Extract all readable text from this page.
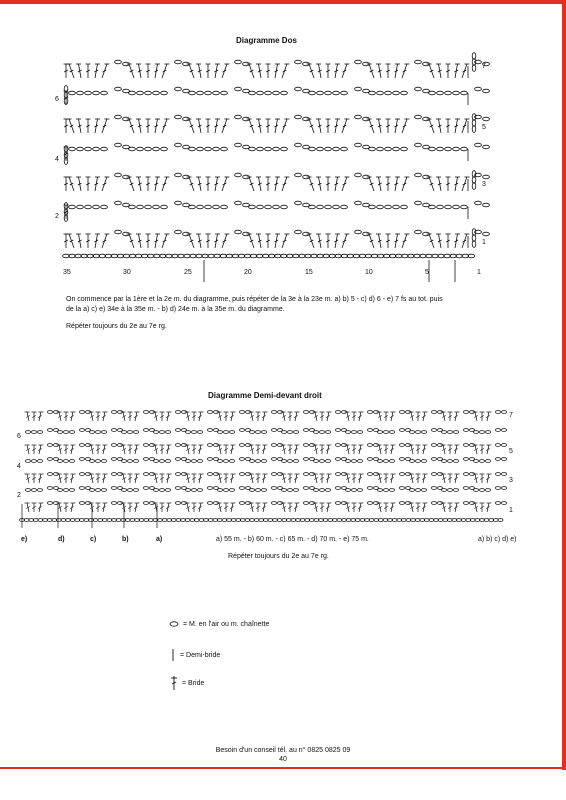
Diagramme Dos
6
4
2
7
5
3
1
35	30	25	20	15	10	5	1
On commence par la 1ère et la 2e m. du diagramme, puis répéter de la 3e à la 23e m. a) b) 5 - c) d) 6 - e) 7 fs au tot. puis
de la a) c) e) 34e à la 35e m. - b) d) 24e m. à la 35e m. du diagramme.
Répéter toujours du 2e au 7e rg.
Diagramme Demi-devant droit
6
4
2
7
5
3
1
e)	d)	c)	b)	a)	a) 55 m. - b) 60 m. - c) 65 m. - d) 70 m. - e) 75 m.	a) b) c) d) e)
Répéter toujours du 2e au 7e rg.
= M. en l'air ou m. chaînette
= Demi-bride
= Bride
Besoin d'un conseil tél. au n° 0825 0825 09
40
